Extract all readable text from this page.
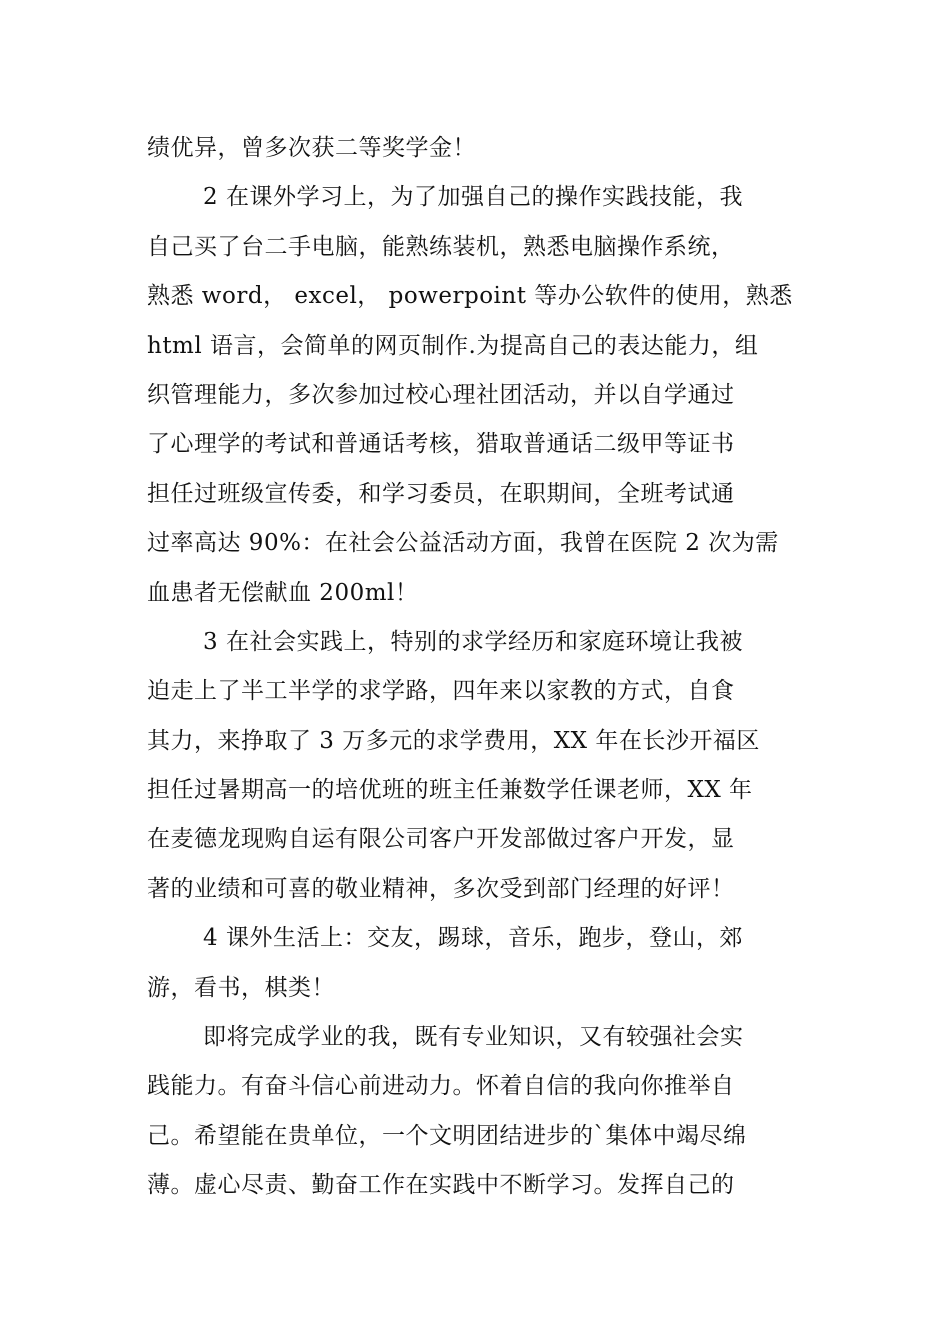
绩优异，曾多次获二等奖学金！
2 在课外学习上，为了加强自己的操作实践技能，我
自己买了台二手电脑，能熟练装机，熟悉电脑操作系统，
熟悉 word， excel， powerpoint 等办公软件的使用，熟悉
html 语言，会简单的网页制作.为提高自己的表达能力，组
织管理能力，多次参加过校心理社团活动，并以自学通过
了心理学的考试和普通话考核，猎取普通话二级甲等证书
担任过班级宣传委，和学习委员，在职期间，全班考试通
过率高达 90%：在社会公益活动方面，我曾在医院 2 次为需
血患者无偿献血 200ml！
3 在社会实践上，特别的求学经历和家庭环境让我被
迫走上了半工半学的求学路，四年来以家教的方式，自食
其力，来挣取了 3 万多元的求学费用，XX 年在长沙开福区
担任过暑期高一的培优班的班主任兼数学任课老师，XX 年
在麦德龙现购自运有限公司客户开发部做过客户开发，显
著的业绩和可喜的敬业精神，多次受到部门经理的好评！
4 课外生活上：交友，踢球，音乐，跑步，登山，郊
游，看书，棋类！
即将完成学业的我，既有专业知识，又有较强社会实
践能力。有奋斗信心前进动力。怀着自信的我向你推举自
己。希望能在贵单位，一个文明团结进步的`集体中竭尽绵
薄。虚心尽责、勤奋工作在实践中不断学习。发挥自己的
